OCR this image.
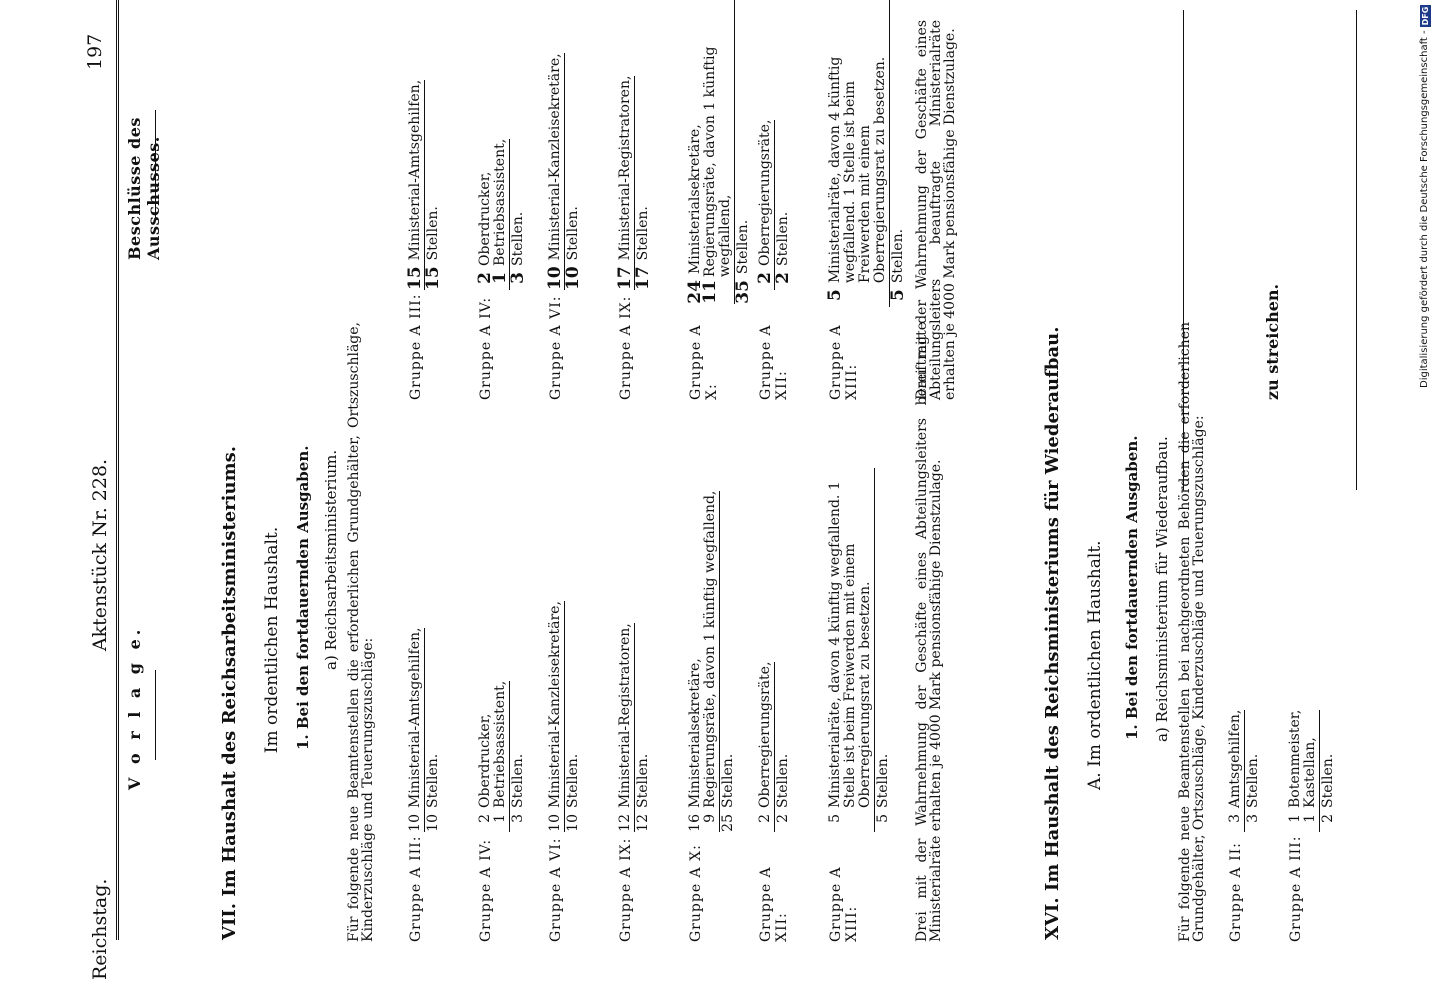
Reichstag.
Aktenstück Nr. 228.
197
V o r l a g e.	VII. Im Haushalt des Reichsarbeitsministeriums. Im ordentlichen Haushalt. 1. Bei den fortdauernden Ausgaben. a) Reichsarbeitsministerium. Für folgende neue Beamtenstellen die erforderlichen Grundgehälter, Ortszuschläge, Kinderzuschläge und Teuerungszuschläge: Gruppe A III:
10
Ministerial-Amtsgehilfen,
10
Stellen.
Gruppe A IV:
2
Oberdrucker,
1
Betriebsassistent,
3
Stellen.
Gruppe A VI:
10
Ministerial-Kanzleisekretäre,
10
Stellen.
Gruppe A IX:
12
Ministerial-Registratoren,
12
Stellen.
Gruppe A X:
16
Ministerialsekretäre,
9
Regierungsräte, davon 1 künftig wegfallend,
25
Stellen.
Gruppe A XII:
2
Oberregierungsräte,
2
Stellen.
Gruppe A XIII:
5
Ministerialräte, davon 4 künftig wegfallend. 1 Stelle ist beim Freiwerden mit einem Oberregierungsrat zu besetzen.
5
Stellen. Drei mit der Wahrnehmung der Geschäfte eines Abteilungsleiters beauftragte Ministerialräte erhalten je 4000 Mark pensionsfähige Dienstzulage.
Beschlüsse des Ausschusses.
Gruppe A III:
15
Ministerial-Amtsgehilfen,
15
Stellen.
Gruppe A IV:
2
Oberdrucker,
1
Betriebsassistent,
3
Stellen.
Gruppe A VI:
10
Ministerial-Kanzleisekretäre,
10
Stellen.
Gruppe A IX:
17
Ministerial-Registratoren,
17
Stellen.
Gruppe A X:
24
Ministerialsekretäre,
11
Regierungsräte, davon 1 künftig wegfallend,
35
Stellen.
Gruppe A XII:
2
Oberregierungsräte,
2
Stellen.
Gruppe A XIII:
5
Ministerialräte, davon 4 künftig wegfallend. 1 Stelle ist beim Freiwerden mit einem Oberregierungsrat zu besetzen.
5
Stellen. Drei mit der Wahrnehmung der Geschäfte eines Abteilungsleiters beauftragte Ministerialräte erhalten je 4000 Mark pensionsfähige Dienstzulage.
XVI. Im Haushalt des Reichsministeriums für Wiederaufbau. A. Im ordentlichen Haushalt. 1. Bei den fortdauernden Ausgaben. a) Reichsministerium für Wiederaufbau. Für folgende neue Beamtenstellen bei nachgeordneten Behörden die erforderlichen Grundgehälter, Ortszuschläge, Kinderzuschläge und Teuerungszuschläge: Gruppe A II:
3
Amtsgehilfen,
3
Stellen.
Gruppe A III:
1
Botenmeister,
1
Kastellan,
2
Stellen.
zu streichen.	Digitalisierung gefördert durch die Deutsche Forschungsgemeinschaft -
DFG
